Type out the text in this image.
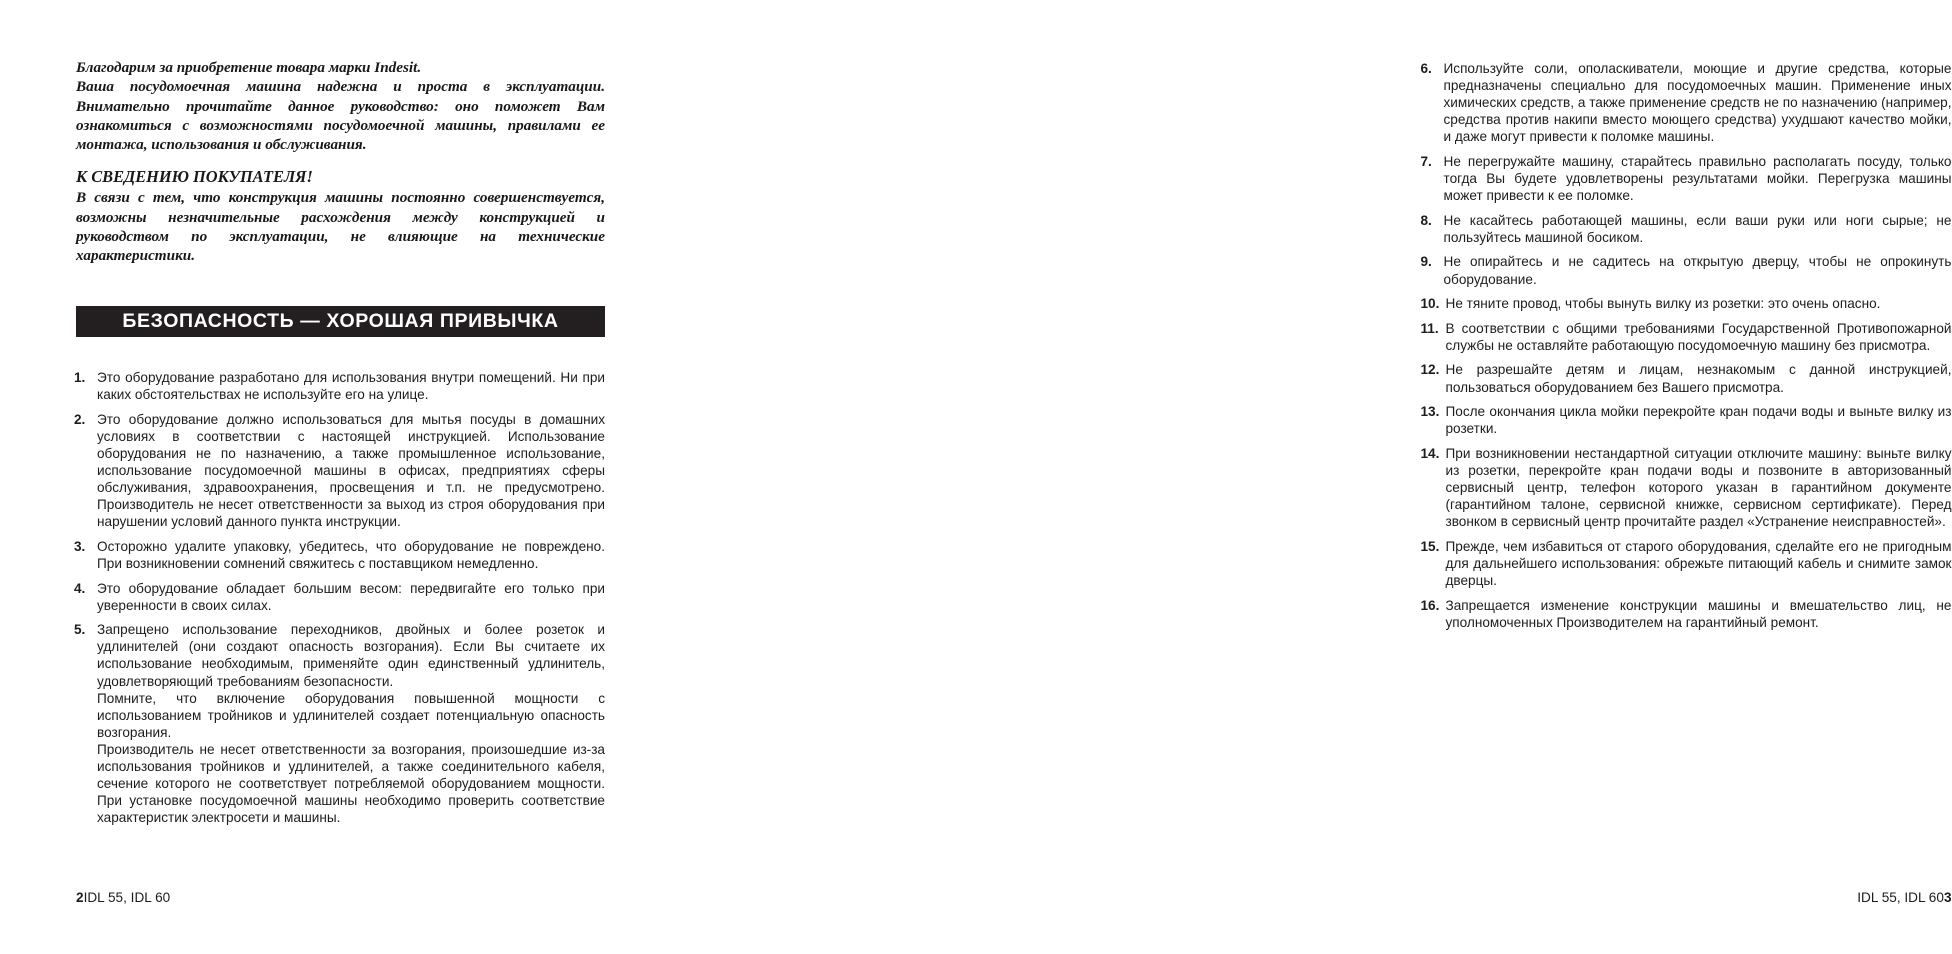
Благодарим за приобретение товара марки Indesit.
Ваша посудомоечная машина надежна и проста в эксплуатации. Внимательно прочитайте данное руководство: оно поможет Вам ознакомиться с возможностями посудомоечной машины, правилами ее монтажа, использования и обслуживания.

К СВЕДЕНИЮ ПОКУПАТЕЛЯ!

В связи с тем, что конструкция машины постоянно совершенствуется, возможны незначительные расхождения между конструкцией и руководством по эксплуатации, не влияющие на технические характеристики.

БЕЗОПАСНОСТЬ — ХОРОШАЯ ПРИВЫЧКА
1. Это оборудование разработано для использования внутри помещений. Ни при каких обстоятельствах не используйте его на улице.

2. Это оборудование должно использоваться для мытья посуды в домашних условиях в соответствии с настоящей инструкцией. Использование оборудования не по назначению, а также промышленное использование, использование посудомоечной машины в офисах, предприятиях сферы обслуживания, здравоохранения, просвещения и т.п. не предусмотрено. Производитель не несет ответственности за выход из строя оборудования при нарушении условий данного пункта инструкции.

3. Осторожно удалите упаковку, убедитесь, что оборудование не повреждено. При возникновении сомнений свяжитесь с поставщиком немедленно.

4. Это оборудование обладает большим весом: передвигайте его только при уверенности в своих силах.

5. Запрещено использование переходников, двойных и более розеток и удлинителей (они создают опасность возгорания). Если Вы считаете их использование необходимым, применяйте один единственный удлинитель, удовлетворяющий требованиям безопасности.

Помните, что включение оборудования повышенной мощности с использованием тройников и удлинителей создает потенциальную опасность возгорания.

Производитель не несет ответственности за возгорания, произошедшие из-за использования тройников и удлинителей, а также соединительного кабеля, сечение которого не соответствует потребляемой оборудованием мощности. При установке посудомоечной машины необходимо проверить соответствие характеристик электросети и машины.

2 IDL 55, IDL 60
6. Используйте соли, ополаскиватели, моющие и другие средства, которые предназначены специально для посудомоечных машин. Применение иных химических средств, а также применение средств не по назначению (например, средства против накипи вместо моющего средства) ухудшают качество мойки, и даже могут привести к поломке машины.

7. Не перегружайте машину, старайтесь правильно располагать посуду, только тогда Вы будете удовлетворены результатами мойки. Перегрузка машины может привести к ее поломке.

8. Не касайтесь работающей машины, если ваши руки или ноги сырые; не пользуйтесь машиной босиком.

9. Не опирайтесь и не садитесь на открытую дверцу, чтобы не опрокинуть оборудование.

10. Не тяните провод, чтобы вынуть вилку из розетки: это очень опасно.

11. В соответствии с общими требованиями Государственной Противопожарной службы не оставляйте работающую посудомоечную машину без присмотра.

12. Не разрешайте детям и лицам, незнакомым с данной инструкцией, пользоваться оборудованием без Вашего присмотра.

13. После окончания цикла мойки перекройте кран подачи воды и выньте вилку из розетки.

14. При возникновении нестандартной ситуации отключите машину: выньте вилку из розетки, перекройте кран подачи воды и позвоните в авторизованный сервисный центр, телефон которого указан в гарантийном документе (гарантийном талоне, сервисной книжке, сервисном сертификате). Перед звонком в сервисный центр прочитайте раздел «Устранение неисправностей».

15. Прежде, чем избавиться от старого оборудования, сделайте его не пригодным для дальнейшего использования: обрежьте питающий кабель и снимите замок дверцы.

16. Запрещается изменение конструкции машины и вмешательство лиц, не уполномоченных Производителем на гарантийный ремонт.

IDL 55, IDL 60 3
